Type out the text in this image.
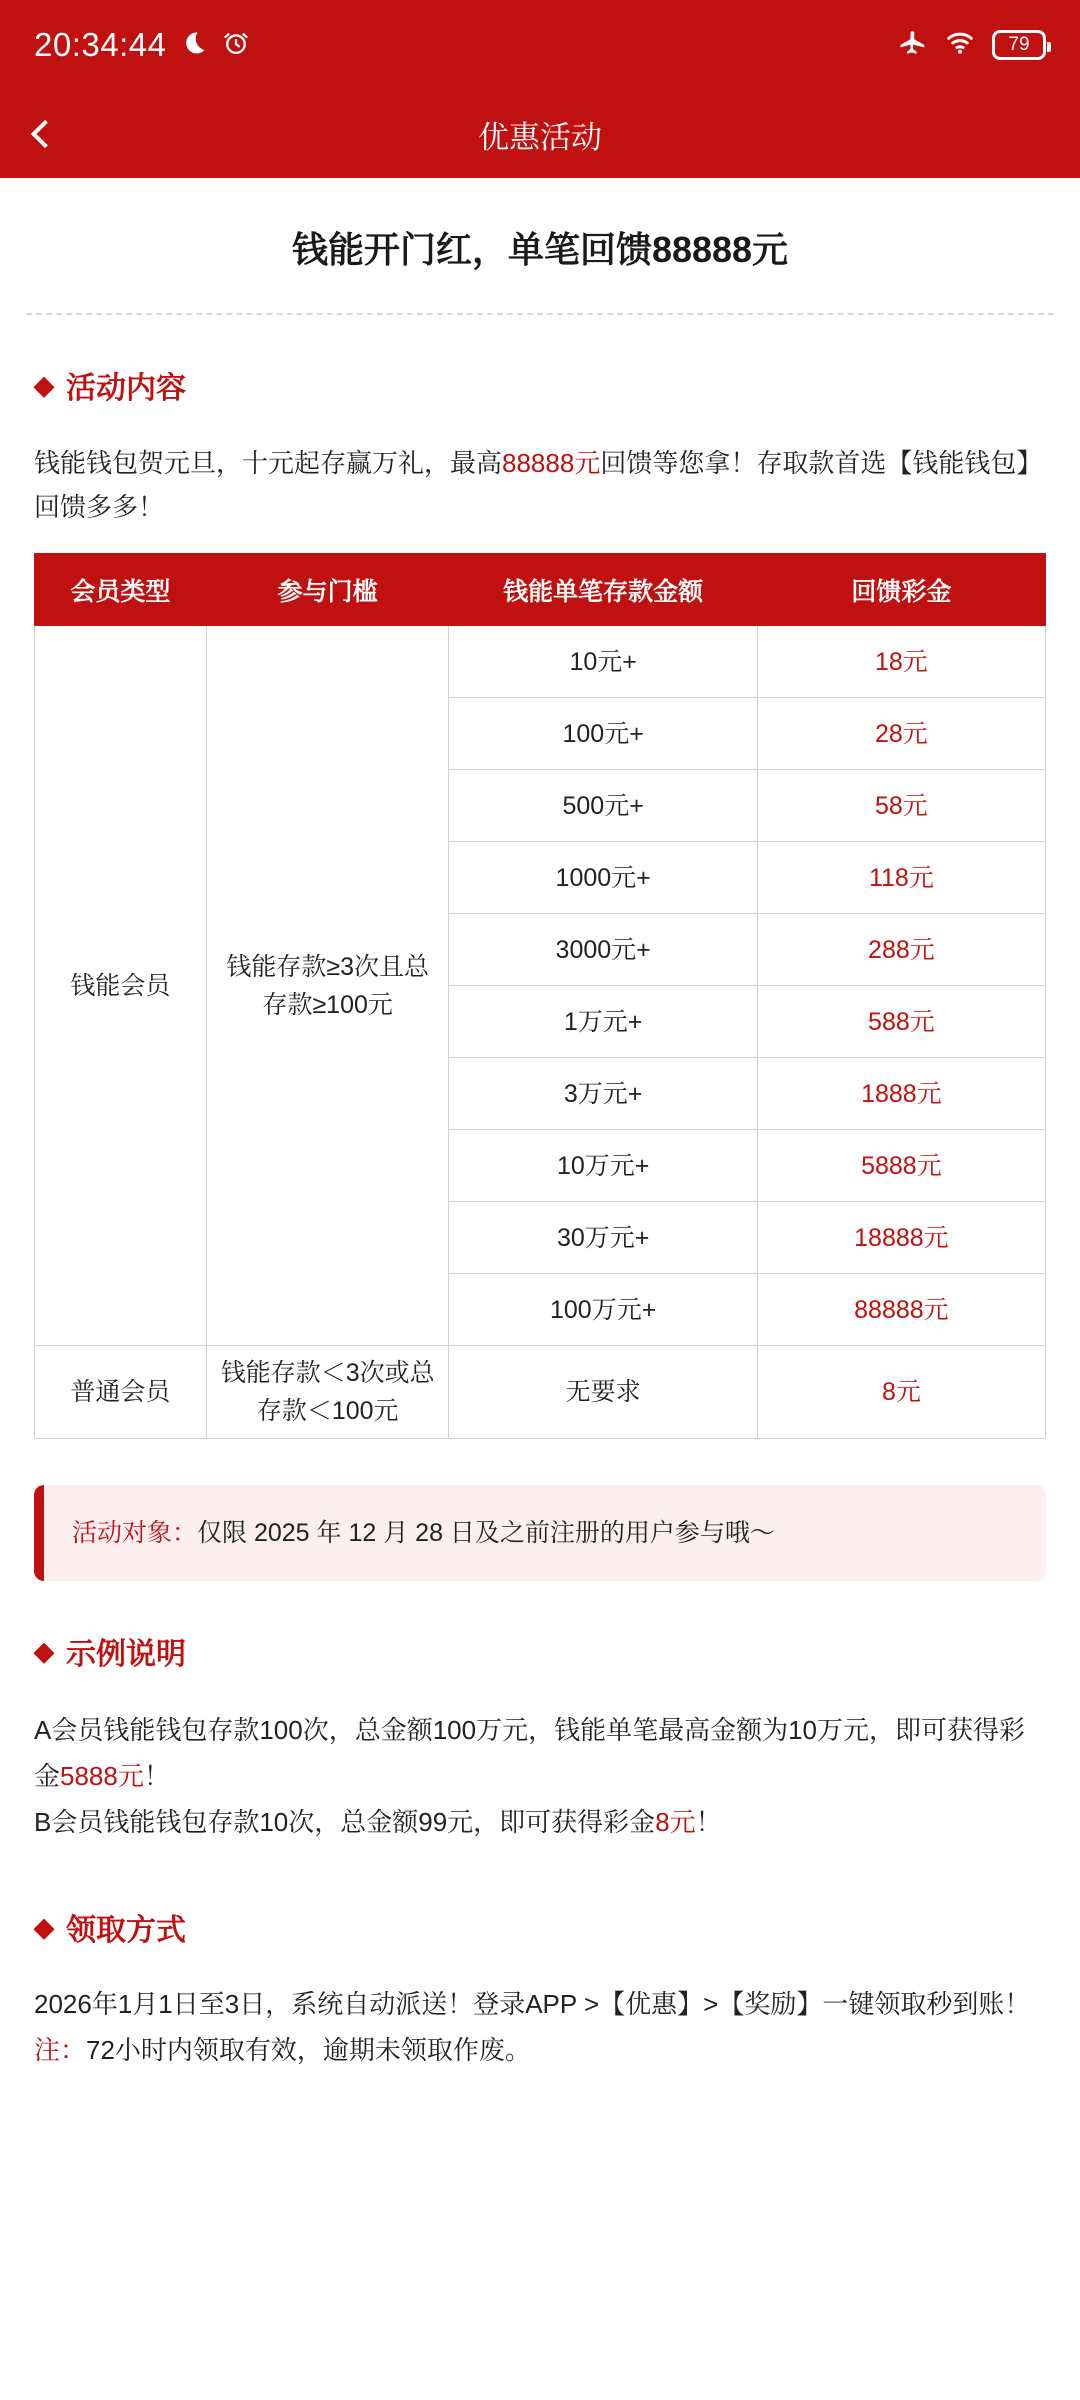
20:34:44	79
优惠活动
钱能开门红，单笔回馈88888元
◆ 活动内容
钱能钱包贺元旦，十元起存赢万礼，最高88888元回馈等您拿！存取款首选【钱能钱包】回馈多多！
会员类型	参与门槛	钱能单笔存款金额	回馈彩金
钱能会员	钱能存款≥3次且总存款≥100元	10元+	18元
		100元+	28元
		500元+	58元
		1000元+	118元
		3000元+	288元
		1万元+	588元
		3万元+	1888元
		10万元+	5888元
		30万元+	18888元
		100万元+	88888元
普通会员	钱能存款＜3次或总存款＜100元	无要求	8元
活动对象：仅限 2025 年 12 月 28 日及之前注册的用户参与哦～
◆ 示例说明
A会员钱能钱包存款100次，总金额100万元，钱能单笔最高金额为10万元，即可获得彩金5888元！
B会员钱能钱包存款10次，总金额99元，即可获得彩金8元！
◆ 领取方式
2026年1月1日至3日，系统自动派送！登录APP >【优惠】>【奖励】一键领取秒到账！
注：72小时内领取有效，逾期未领取作废。
